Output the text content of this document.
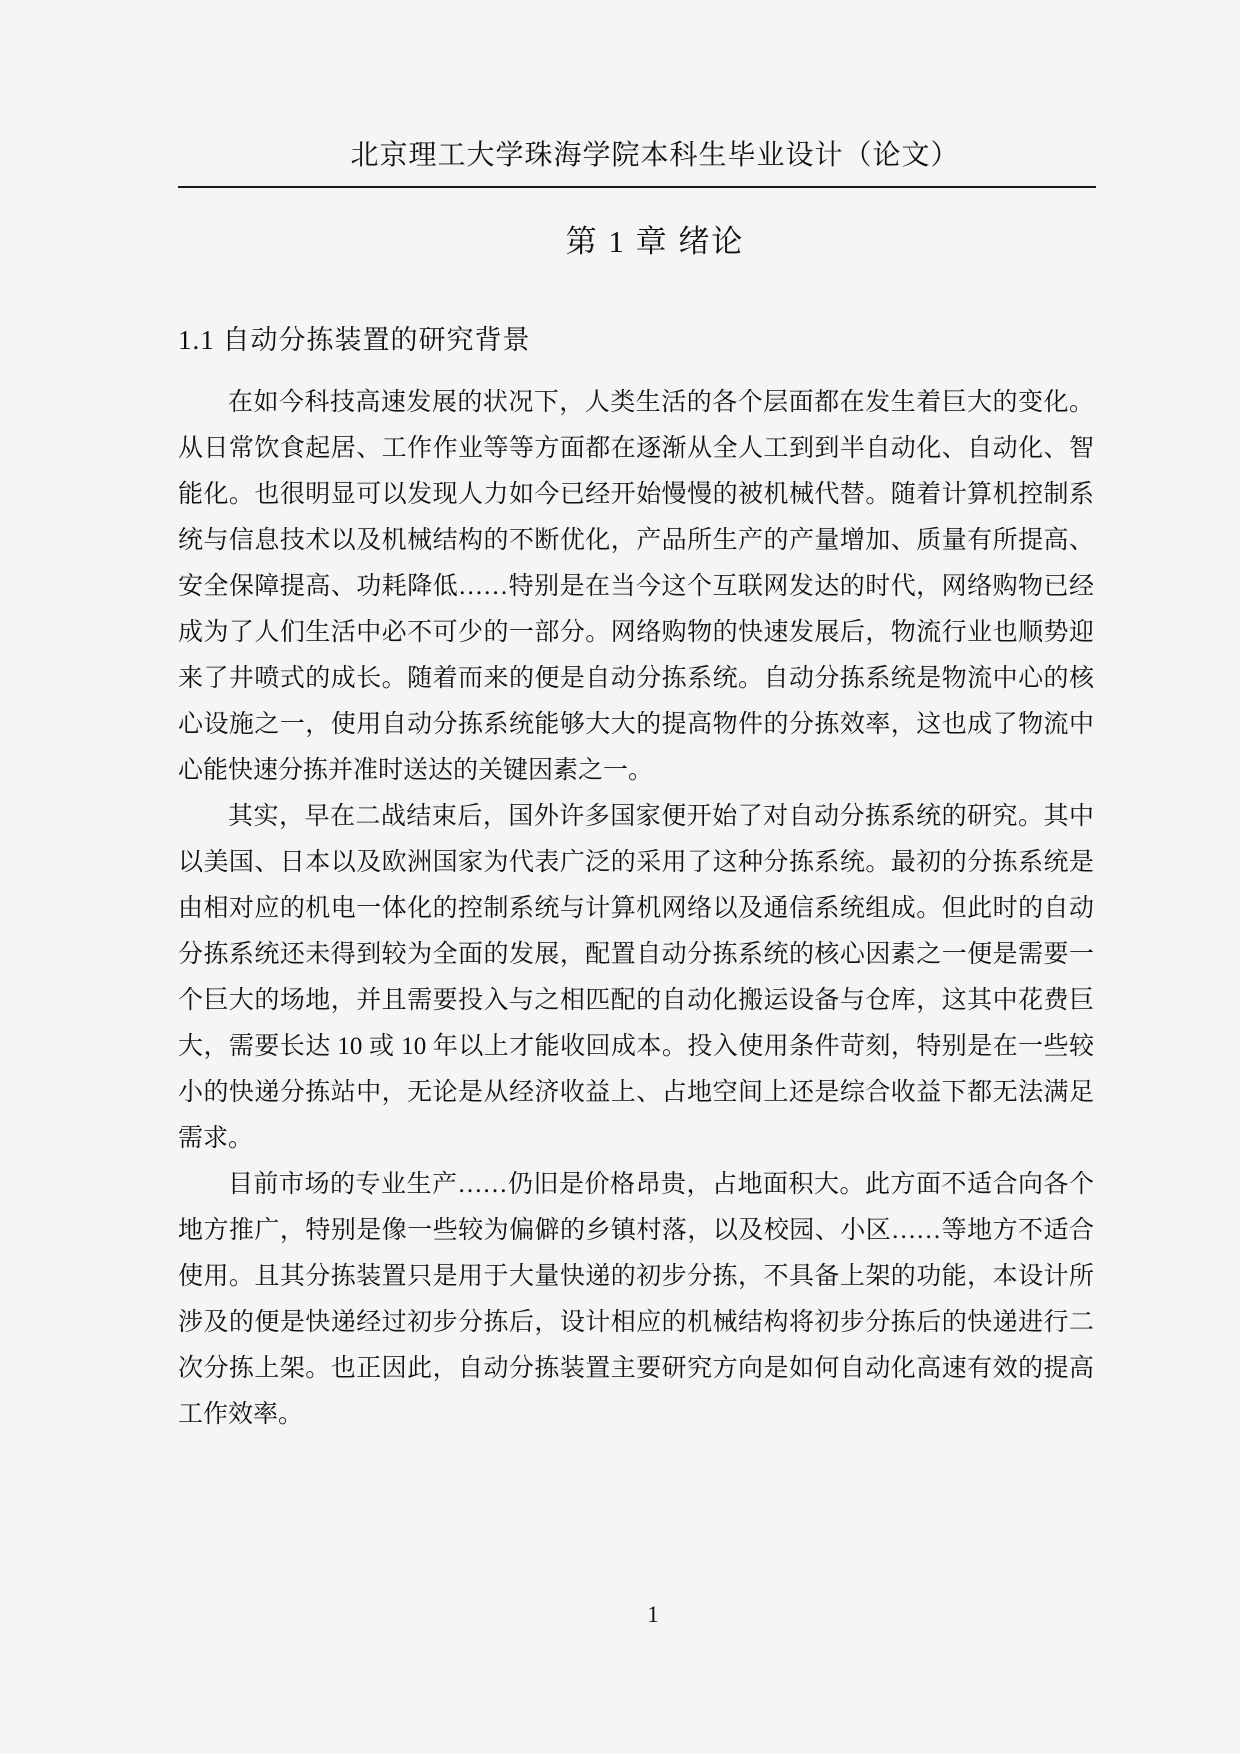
北京理工大学珠海学院本科生毕业设计（论文）
第 1 章 绪论
1.1 自动分拣装置的研究背景

在如今科技高速发展的状况下，人类生活的各个层面都在发生着巨大的变化。从日常饮食起居、工作作业等等方面都在逐渐从全人工到到半自动化、自动化、智能化。也很明显可以发现人力如今已经开始慢慢的被机械代替。随着计算机控制系统与信息技术以及机械结构的不断优化，产品所生产的产量增加、质量有所提高、安全保障提高、功耗降低……特别是在当今这个互联网发达的时代，网络购物已经成为了人们生活中必不可少的一部分。网络购物的快速发展后，物流行业也顺势迎来了井喷式的成长。随着而来的便是自动分拣系统。自动分拣系统是物流中心的核心设施之一，使用自动分拣系统能够大大的提高物件的分拣效率，这也成了物流中心能快速分拣并准时送达的关键因素之一。

其实，早在二战结束后，国外许多国家便开始了对自动分拣系统的研究。其中以美国、日本以及欧洲国家为代表广泛的采用了这种分拣系统。最初的分拣系统是由相对应的机电一体化的控制系统与计算机网络以及通信系统组成。但此时的自动分拣系统还未得到较为全面的发展，配置自动分拣系统的核心因素之一便是需要一个巨大的场地，并且需要投入与之相匹配的自动化搬运设备与仓库，这其中花费巨大，需要长达 10 或 10 年以上才能收回成本。投入使用条件苛刻，特别是在一些较小的快递分拣站中，无论是从经济收益上、占地空间上还是综合收益下都无法满足需求。

目前市场的专业生产……仍旧是价格昂贵，占地面积大。此方面不适合向各个地方推广，特别是像一些较为偏僻的乡镇村落，以及校园、小区……等地方不适合使用。且其分拣装置只是用于大量快递的初步分拣，不具备上架的功能，本设计所涉及的便是快递经过初步分拣后，设计相应的机械结构将初步分拣后的快递进行二次分拣上架。也正因此，自动分拣装置主要研究方向是如何自动化高速有效的提高工作效率。

1
